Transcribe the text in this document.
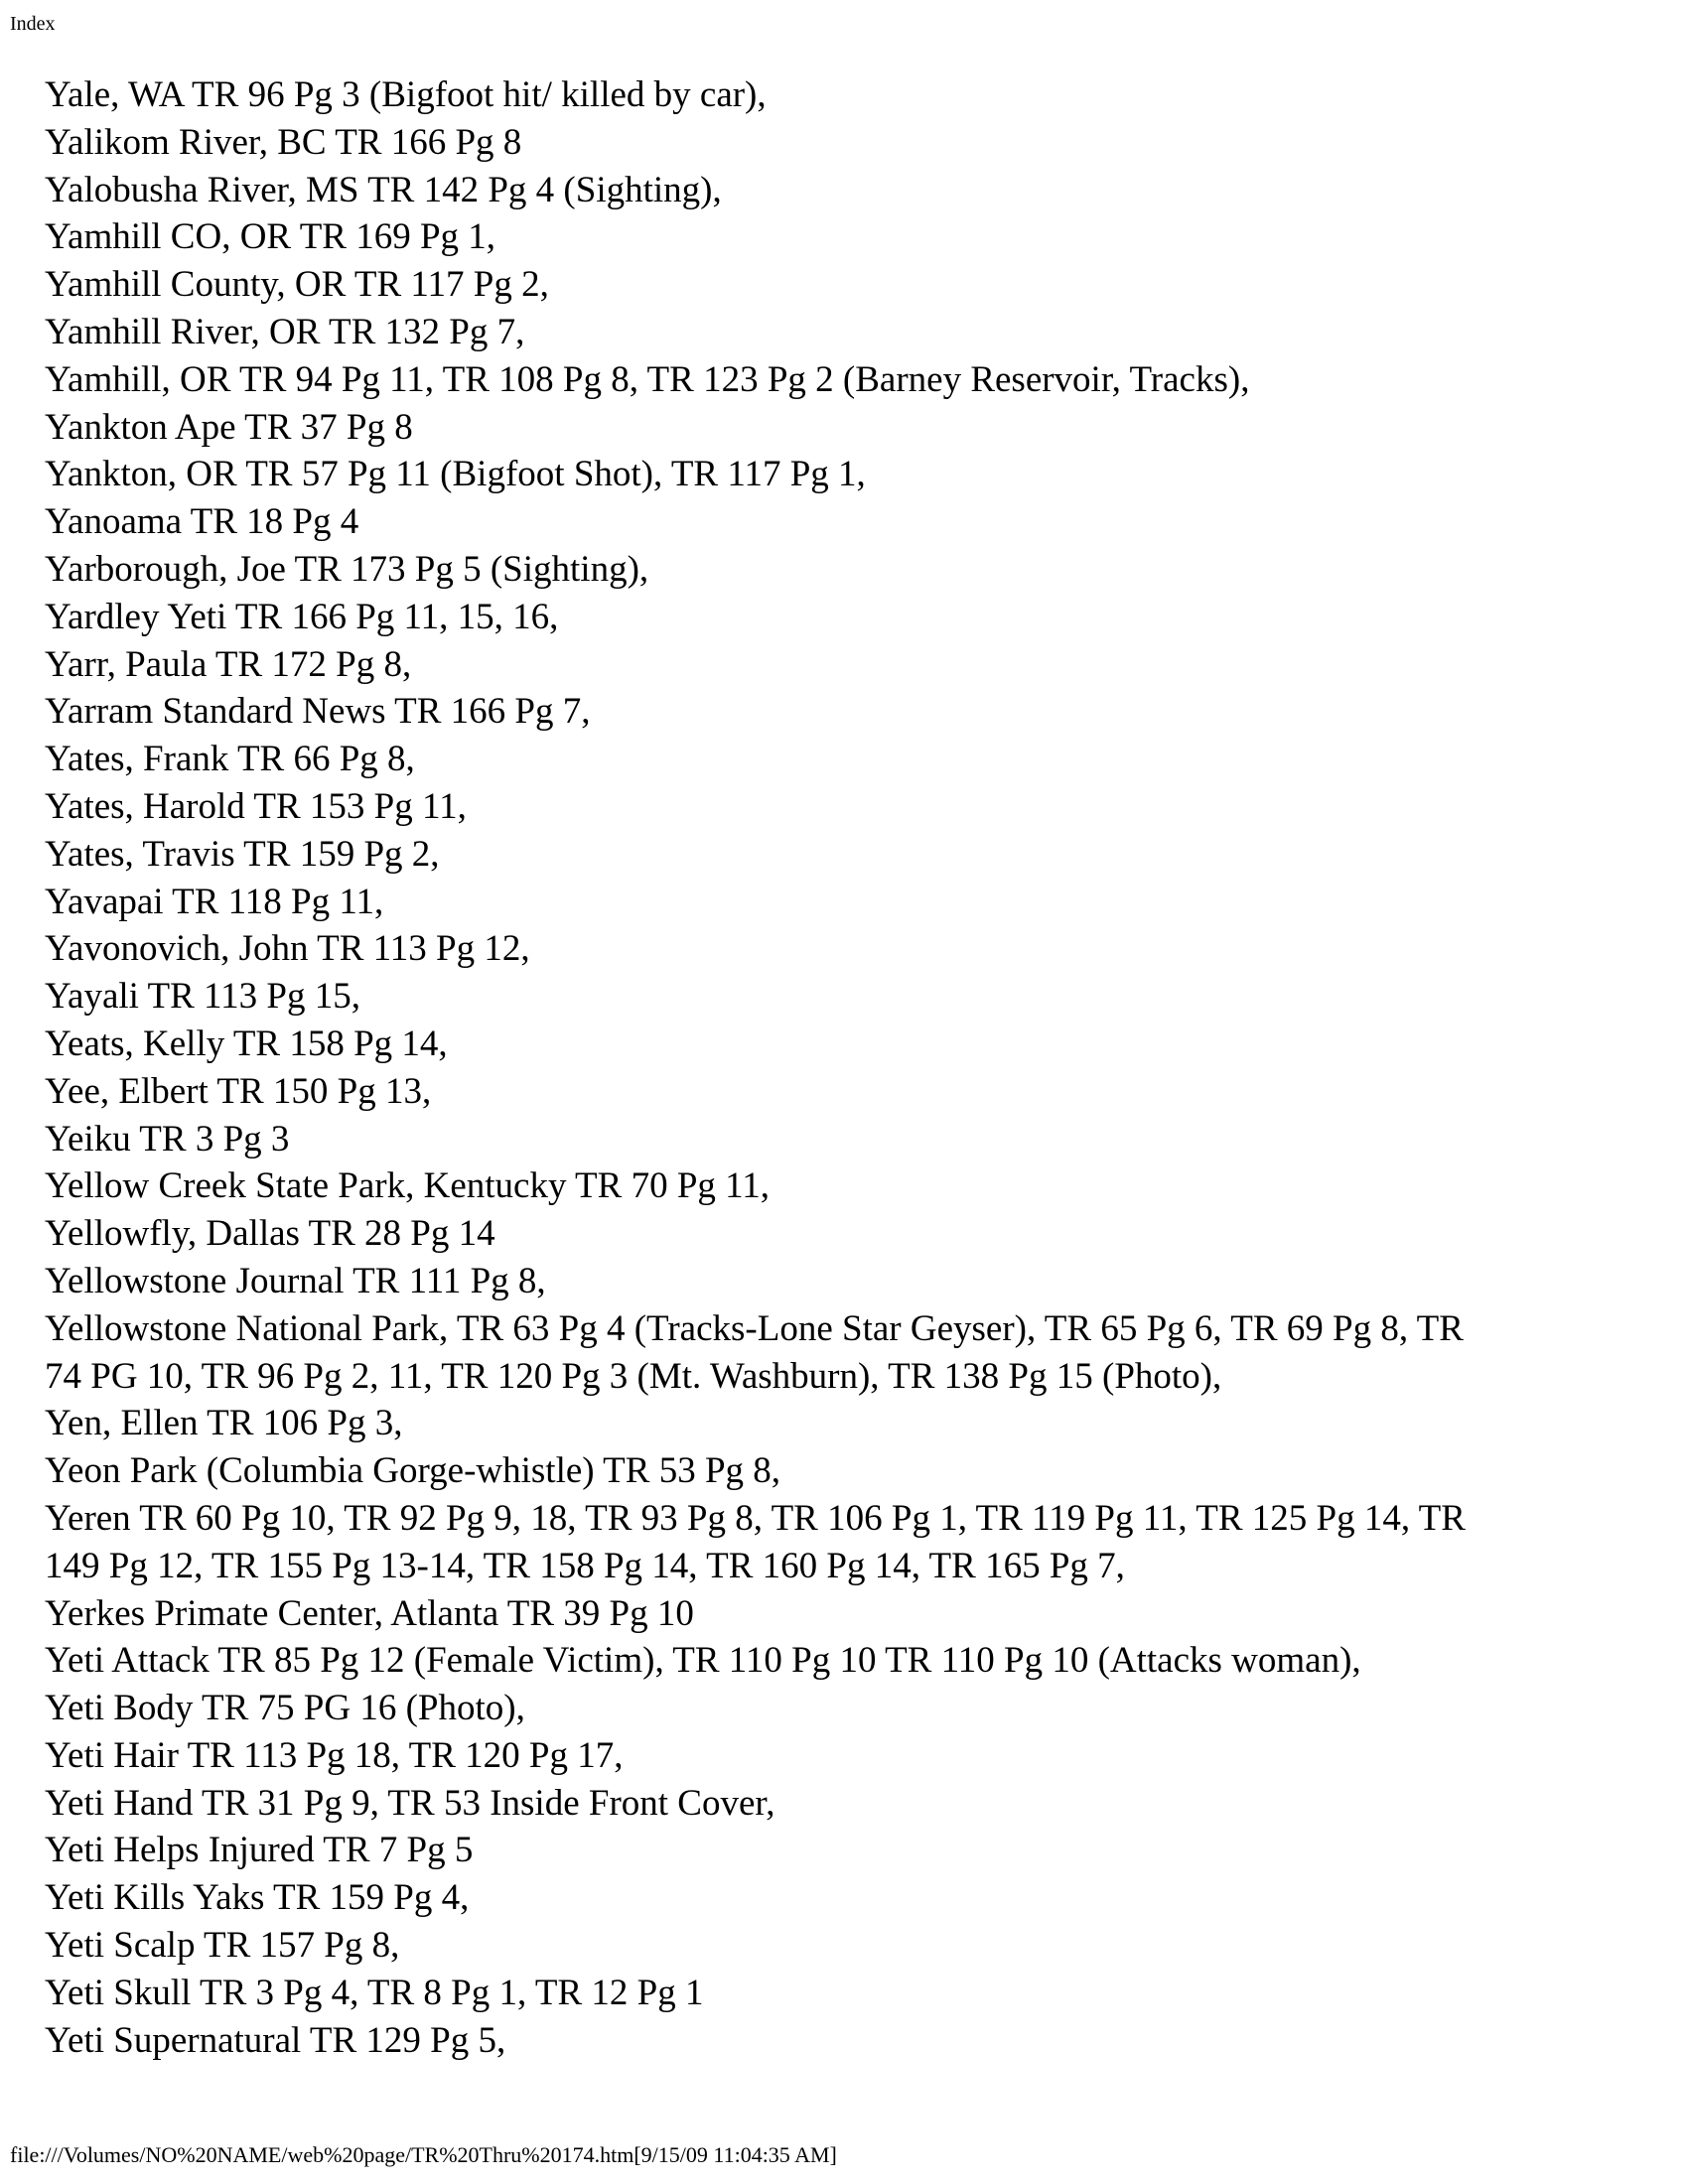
Index
Yale, WA TR 96 Pg 3 (Bigfoot hit/ killed by car),
Yalikom River, BC TR 166 Pg 8
Yalobusha River, MS TR 142 Pg 4 (Sighting),
Yamhill CO, OR TR 169 Pg 1,
Yamhill County, OR TR 117 Pg 2,
Yamhill River, OR TR 132 Pg 7,
Yamhill, OR TR 94 Pg 11, TR 108 Pg 8, TR 123 Pg 2 (Barney Reservoir, Tracks),
Yankton Ape TR 37 Pg 8
Yankton, OR TR 57 Pg 11 (Bigfoot Shot), TR 117 Pg 1,
Yanoama TR 18 Pg 4
Yarborough, Joe TR 173 Pg 5 (Sighting),
Yardley Yeti TR 166 Pg 11, 15, 16,
Yarr, Paula TR 172 Pg 8,
Yarram Standard News TR 166 Pg 7,
Yates, Frank TR 66 Pg 8,
Yates, Harold TR 153 Pg 11,
Yates, Travis TR 159 Pg 2,
Yavapai TR 118 Pg 11,
Yavonovich, John TR 113 Pg 12,
Yayali TR 113 Pg 15,
Yeats, Kelly TR 158 Pg 14,
Yee, Elbert TR 150 Pg 13,
Yeiku TR 3 Pg 3
Yellow Creek State Park, Kentucky TR 70 Pg 11,
Yellowfly, Dallas TR 28 Pg 14
Yellowstone Journal TR 111 Pg 8,
Yellowstone National Park, TR 63 Pg 4 (Tracks-Lone Star Geyser), TR 65 Pg 6, TR 69 Pg 8, TR
74 PG 10, TR 96 Pg 2, 11, TR 120 Pg 3 (Mt. Washburn), TR 138 Pg 15 (Photo),
Yen, Ellen TR 106 Pg 3,
Yeon Park (Columbia Gorge-whistle) TR 53 Pg 8,
Yeren TR 60 Pg 10, TR 92 Pg 9, 18, TR 93 Pg 8, TR 106 Pg 1, TR 119 Pg 11, TR 125 Pg 14, TR
149 Pg 12, TR 155 Pg 13-14, TR 158 Pg 14, TR 160 Pg 14, TR 165 Pg 7,
Yerkes Primate Center, Atlanta TR 39 Pg 10
Yeti Attack TR 85 Pg 12 (Female Victim), TR 110 Pg 10 TR 110 Pg 10 (Attacks woman),
Yeti Body TR 75 PG 16 (Photo),
Yeti Hair TR 113 Pg 18, TR 120 Pg 17,
Yeti Hand TR 31 Pg 9, TR 53 Inside Front Cover,
Yeti Helps Injured TR 7 Pg 5
Yeti Kills Yaks TR 159 Pg 4,
Yeti Scalp TR 157 Pg 8,
Yeti Skull TR 3 Pg 4, TR 8 Pg 1, TR 12 Pg 1
Yeti Supernatural TR 129 Pg 5,
file:///Volumes/NO%20NAME/web%20page/TR%20Thru%20174.htm[9/15/09 11:04:35 AM]
